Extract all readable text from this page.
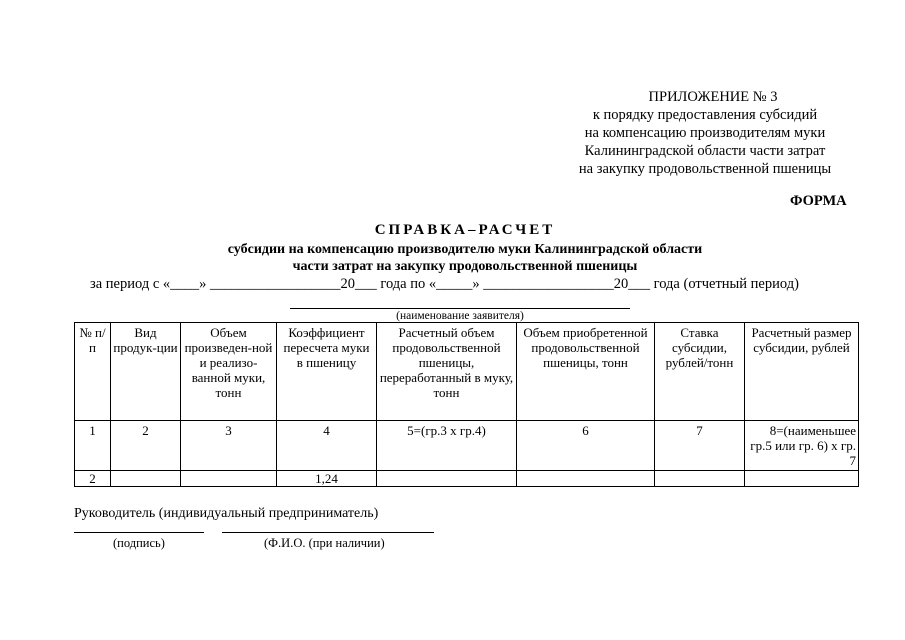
ПРИЛОЖЕНИЕ № 3
к порядку предоставления субсидий
на компенсацию производителям муки
Калининградской области части затрат
на закупку продовольственной пшеницы
ФОРМА
СПРАВКА–РАСЧЕТ
субсидии на компенсацию производителю муки Калининградской области
части затрат на закупку продовольственной пшеницы
за период с «____» __________________20___ года по «_____» __________________20___ года (отчетный период)
(наименование заявителя)
№ п/п	Вид продук-ции	Объем произведен-ной и реализо-ванной муки, тонн	Коэффициент пересчета муки в пшеницу	Расчетный объем продовольственной пшеницы, переработанный в муку, тонн	Объем приобретенной продовольственной пшеницы, тонн	Ставка субсидии, рублей/тонн	Расчетный размер субсидии, рублей
1	2	3	4	5=(гр.3 х гр.4)	6	7	8=(наименьшее гр.5 или гр. 6) х гр. 7
2			1,24				
Руководитель (индивидуальный предприниматель)
(подпись)	(Ф.И.О. (при наличии)
